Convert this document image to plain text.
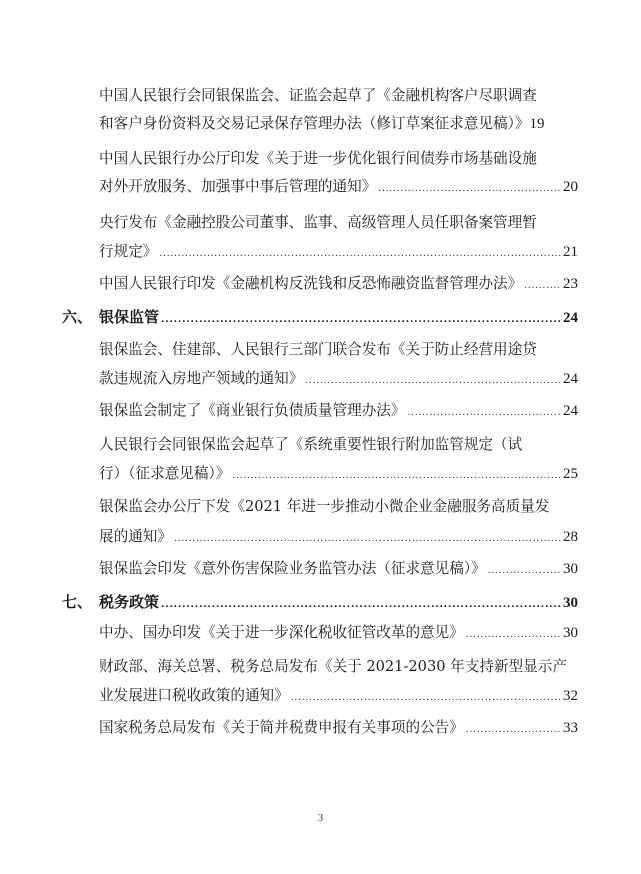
中国人民银行会同银保监会、证监会起草了《金融机构客户尽职调查
和客户身份资料及交易记录保存管理办法（修订草案征求意见稿）》 19
中国人民银行办公厅印发《关于进一步优化银行间债券市场基础设施
对外开放服务、加强事中事后管理的通知》 .....	20
央行发布《金融控股公司董事、监事、高级管理人员任职备案管理暂
行规定》 .....	21
中国人民银行印发《金融机构反洗钱和反恐怖融资监督管理办法》 .....	23
六、 银保监管 .....	24
银保监会、住建部、人民银行三部门联合发布《关于防止经营用途贷
款违规流入房地产领域的通知》 .....	24
银保监会制定了《商业银行负债质量管理办法》 .....	24
人民银行会同银保监会起草了《系统重要性银行附加监管规定（试
行）（征求意见稿）》 .....	25
银保监会办公厅下发《2021 年进一步推动小微企业金融服务高质量发
展的通知》 .....	28
银保监会印发《意外伤害保险业务监管办法（征求意见稿）》 .....	30
七、 税务政策 .....	30
中办、国办印发《关于进一步深化税收征管改革的意见》 .....	30
财政部、海关总署、税务总局发布《关于 2021-2030 年支持新型显示产
业发展进口税收政策的通知》 .....	32
国家税务总局发布《关于简并税费申报有关事项的公告》 .....	33
3
